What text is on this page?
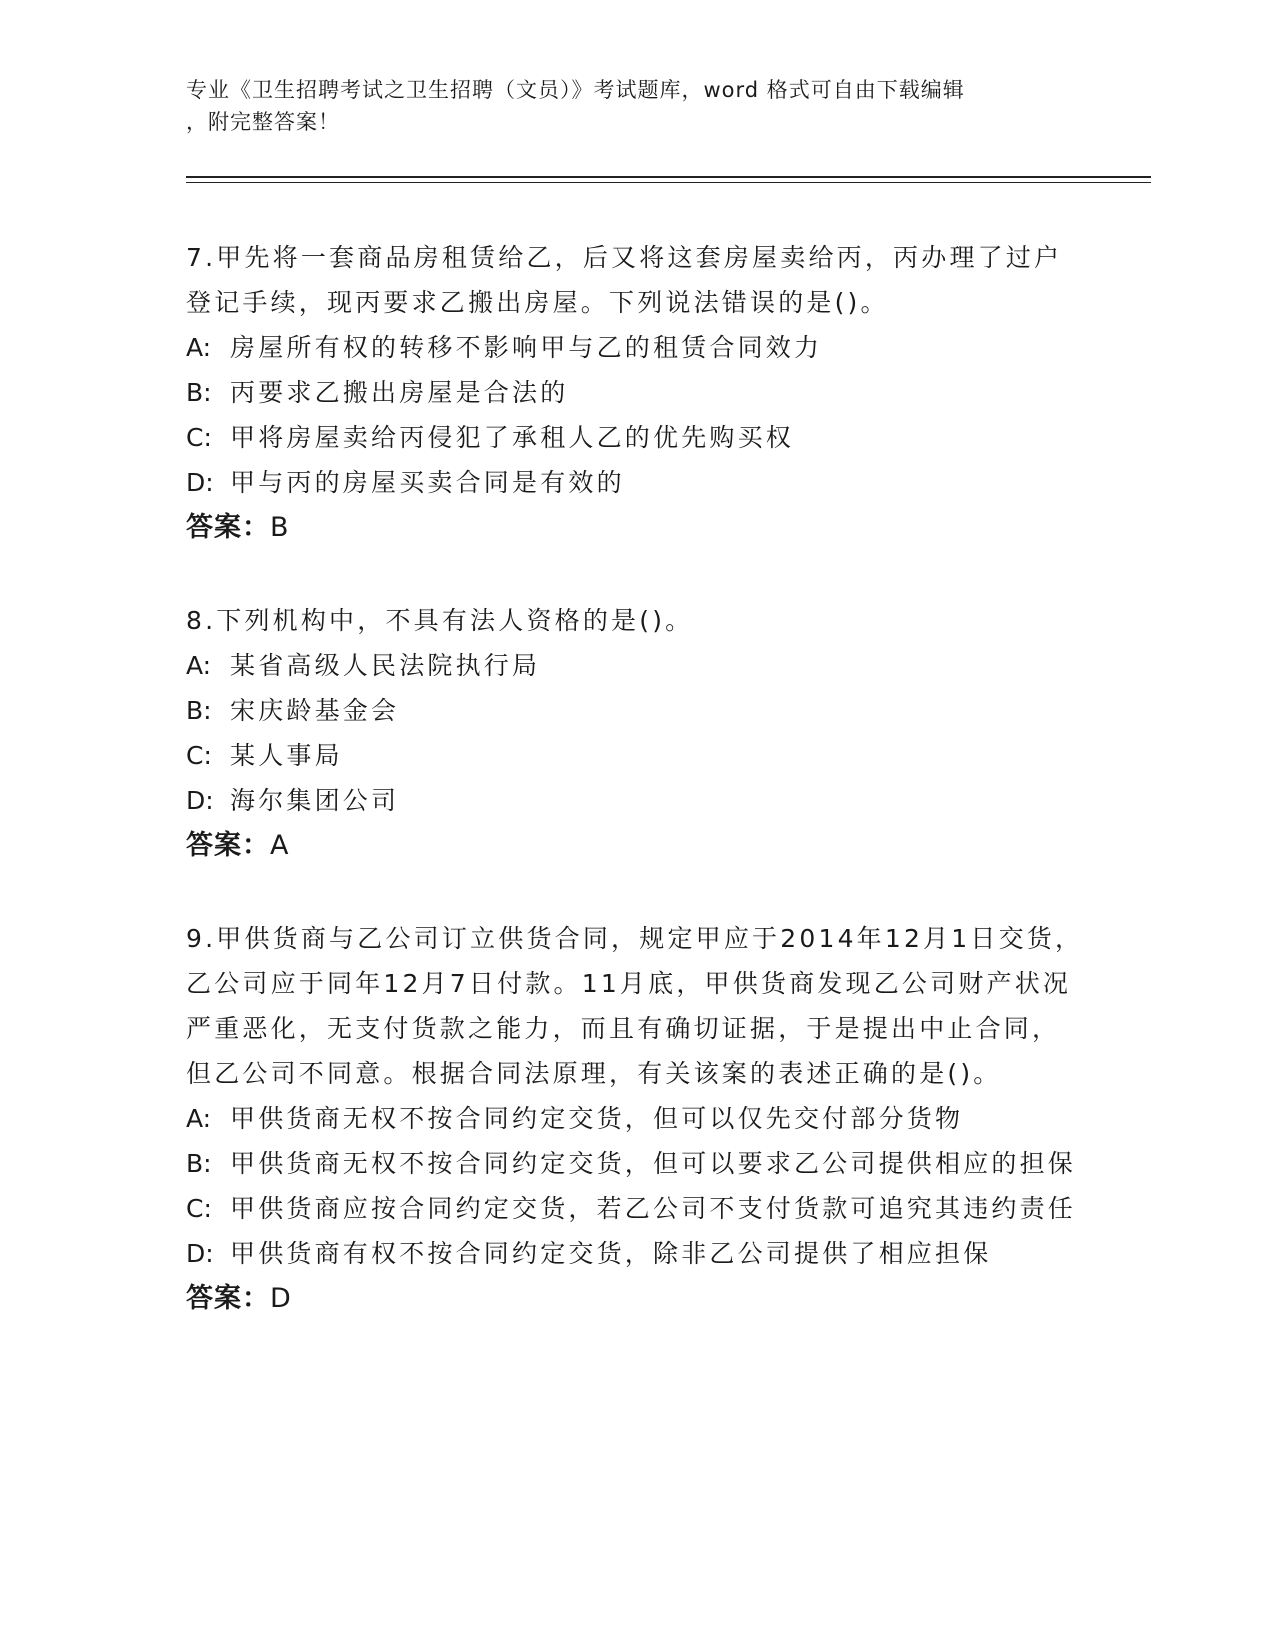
专业《卫生招聘考试之卫生招聘（文员）》考试题库，word 格式可自由下载编辑
，附完整答案！
7.甲先将一套商品房租赁给乙，后又将这套房屋卖给丙，丙办理了过户登记手续，现丙要求乙搬出房屋。下列说法错误的是()。
A: 房屋所有权的转移不影响甲与乙的租赁合同效力
B: 丙要求乙搬出房屋是合法的
C: 甲将房屋卖给丙侵犯了承租人乙的优先购买权
D: 甲与丙的房屋买卖合同是有效的
答案：B
8.下列机构中，不具有法人资格的是()。
A: 某省高级人民法院执行局
B: 宋庆龄基金会
C: 某人事局
D: 海尔集团公司
答案：A
9.甲供货商与乙公司订立供货合同，规定甲应于2014年12月1日交货，乙公司应于同年12月7日付款。11月底，甲供货商发现乙公司财产状况严重恶化，无支付货款之能力，而且有确切证据，于是提出中止合同，但乙公司不同意。根据合同法原理，有关该案的表述正确的是()。
A: 甲供货商无权不按合同约定交货，但可以仅先交付部分货物
B: 甲供货商无权不按合同约定交货，但可以要求乙公司提供相应的担保
C: 甲供货商应按合同约定交货，若乙公司不支付货款可追究其违约责任
D: 甲供货商有权不按合同约定交货，除非乙公司提供了相应担保
答案：D
